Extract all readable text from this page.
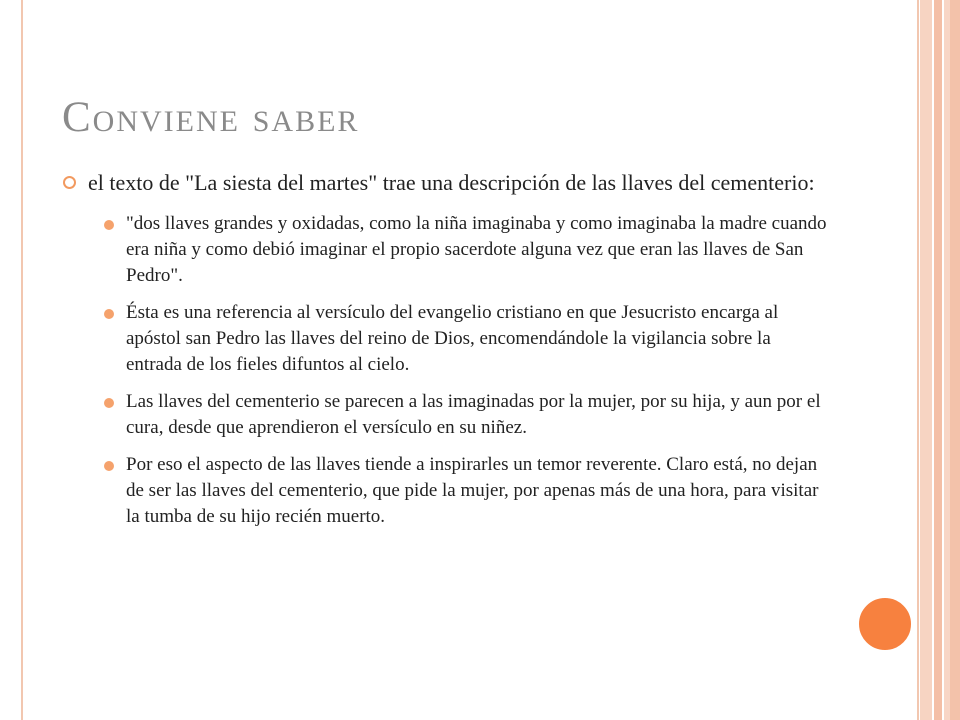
Conviene saber
el texto de "La siesta del martes" trae una descripción de las llaves del cementerio:
"dos llaves grandes y oxidadas, como la niña imaginaba y como imaginaba la madre cuando era niña y como debió imaginar el propio sacerdote alguna vez que eran las llaves de San Pedro".
Ésta es una referencia al versículo del evangelio cristiano en que Jesucristo encarga al apóstol san Pedro las llaves del reino de Dios, encomendándole la vigilancia sobre la entrada de los fieles difuntos al cielo.
Las llaves del cementerio se parecen a las imaginadas por la mujer, por su hija, y aun por el cura, desde que aprendieron el versículo en su niñez.
Por eso el aspecto de las llaves tiende a inspirarles un temor reverente. Claro está, no dejan de ser las llaves del cementerio, que pide la mujer, por apenas más de una hora, para visitar la tumba de su hijo recién muerto.
